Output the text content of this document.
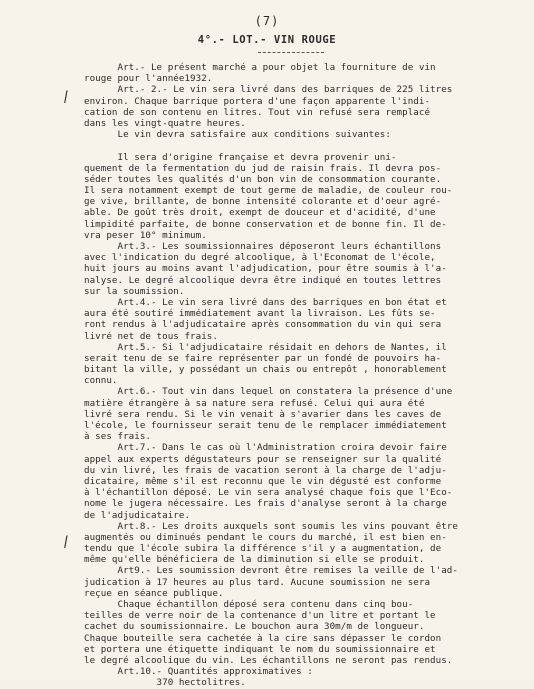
(7)
4°.- LOT.- VIN ROUGE
/
/
Art.- Le présent marché a pour objet la fourniture de vin
rouge pour l'année1932.
Art.- 2.- Le vin sera livré dans des barriques de 225 litres
environ. Chaque barrique portera d'une façon apparente l'indi-
cation de son contenu en litres. Tout vin refusé sera remplacé
dans les vingt-quatre heures.
Le vin devra satisfaire aux conditions suivantes:
Il sera d'origine française et devra provenir uni-
quement de la fermentation du jud de raisin frais. Il devra pos-
séder toutes les qualités d'un bon vin de consommation courante.
Il sera notamment exempt de tout germe de maladie, de couleur rou-
ge vive, brillante, de bonne intensité colorante et d'oeur agré-
able. De goût très droit, exempt de douceur et d'acidité, d'une
limpidité parfaite, de bonne conservation et de bonne fin. Il de-
vra peser 10° minimum.
Art.3.- Les soumissionnaires déposeront leurs échantillons
avec l'indication du degré alcoolique, à l'Economat de l'école,
huit jours au moins avant l'adjudication, pour être soumis à l'a-
nalyse. Le degré alcoolique devra être indiqué en toutes lettres
sur la soumission.
Art.4.- Le vin sera livré dans des barriques en bon état et
aura été soutiré immédiatement avant la livraison. Les fûts se-
ront rendus à l'adjudicataire après consommation du vin qui sera
livré net de tous frais.
Art.5.- Si l'adjudicataire résidait en dehors de Nantes, il
serait tenu de se faire représenter par un fondé de pouvoirs ha-
bitant la ville, y possédant un chais ou entrepôt , honorablement
connu.
Art.6.- Tout vin dans lequel on constatera la présence d'une
matière étrangère à sa nature sera refusé. Celui qui aura été
livré sera rendu. Si le vin venait à s'avarier dans les caves de
l'école, le fournisseur serait tenu de le remplacer immédiatement
à ses frais.
Art.7.- Dans le cas où l'Administration croira devoir faire
appel aux experts dégustateurs pour se renseigner sur la qualité
du vin livré, les frais de vacation seront à la charge de l'adju-
dicataire, même s'il est reconnu que le vin dégusté est conforme
à l'échantillon déposé. Le vin sera analysé chaque fois que l'Eco-
nome le jugera nécessaire. Les frais d'analyse seront à la charge
de l'adjudicataire.
Art.8.- Les droits auxquels sont soumis les vins pouvant être
augmentés ou diminués pendant le cours du marché, il est bien en-
tendu que l'école subira la différence s'il y a augmentation, de
même qu'elle bénéficiera de la diminution si elle se produit.
Art9.- Les soumission devront être remises la veille de l'ad-
judication à 17 heures au plus tard. Aucune soumission ne sera
reçue en séance publique.
Chaque échantillon déposé sera contenu dans cinq bou-
teilles de verre noir de la contenance d'un litre et portant le
cachet du soumissionnaire. Le bouchon aura 30m/m de longueur.
Chaque bouteille sera cachetée à la cire sans dépasser le cordon
et portera une étiquette indiquant le nom du soumissionnaire et
le degré alcoolique du vin. Les échantillons ne seront pas rendus.
Art.10.- Quantités approximatives :
370 hectolitres.
